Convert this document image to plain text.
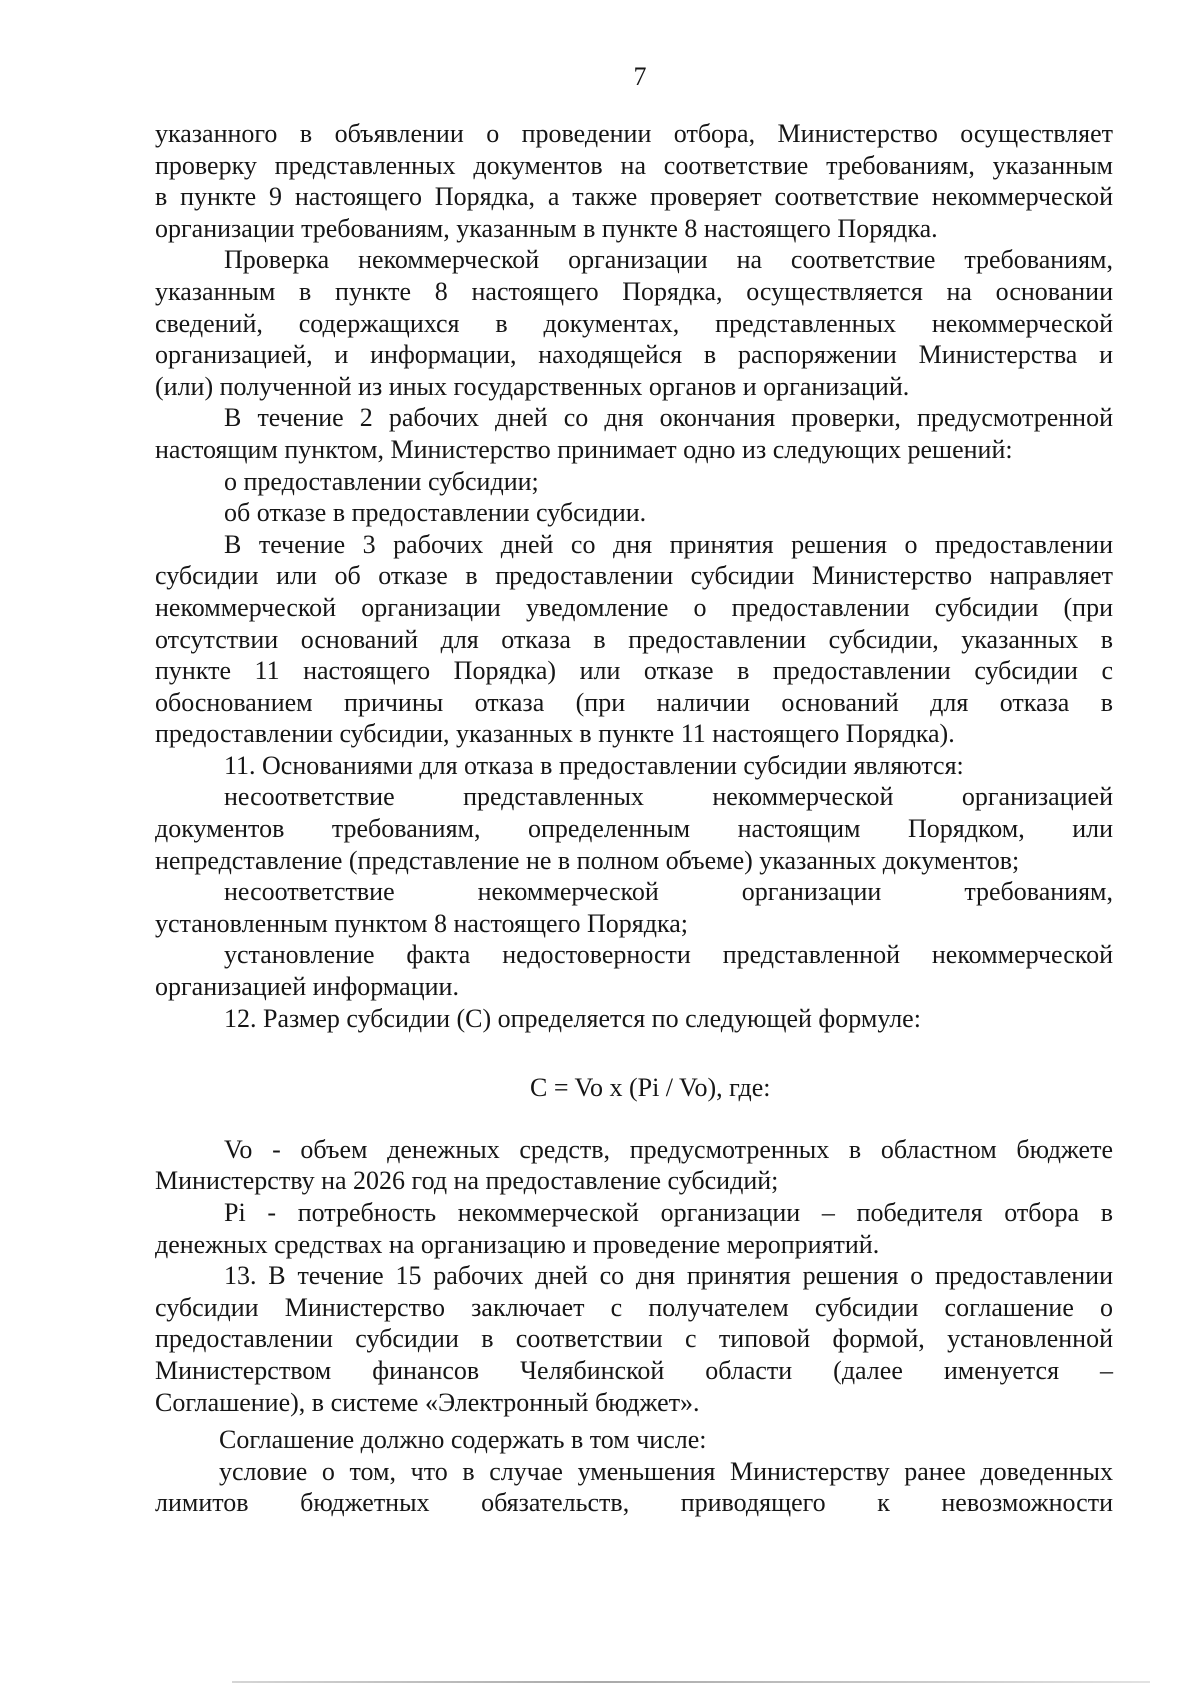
7
указанного в объявлении о проведении отбора, Министерство осуществляет
проверку представленных документов на соответствие требованиям, указанным
в пункте 9 настоящего Порядка, а также проверяет соответствие некоммерческой
организации требованиям, указанным в пункте 8 настоящего Порядка.
Проверка некоммерческой организации на соответствие требованиям,
указанным в пункте 8 настоящего Порядка, осуществляется на основании
сведений, содержащихся в документах, представленных некоммерческой
организацией, и информации, находящейся в распоряжении Министерства и
(или) полученной из иных государственных органов и организаций.
В течение 2 рабочих дней со дня окончания проверки, предусмотренной
настоящим пунктом, Министерство принимает одно из следующих решений:
о предоставлении субсидии;
об отказе в предоставлении субсидии.
В течение 3 рабочих дней со дня принятия решения о предоставлении
субсидии или об отказе в предоставлении субсидии Министерство направляет
некоммерческой организации уведомление о предоставлении субсидии (при
отсутствии оснований для отказа в предоставлении субсидии, указанных в
пункте 11 настоящего Порядка) или отказе в предоставлении субсидии с
обоснованием причины отказа (при наличии оснований для отказа в
предоставлении субсидии, указанных в пункте 11 настоящего Порядка).
11. Основаниями для отказа в предоставлении субсидии являются:
несоответствие представленных некоммерческой организацией
документов требованиям, определенным настоящим Порядком, или
непредставление (представление не в полном объеме) указанных документов;
несоответствие некоммерческой организации требованиям,
установленным пунктом 8 настоящего Порядка;
установление факта недостоверности представленной некоммерческой
организацией информации.
12. Размер субсидии (С) определяется по следующей формуле:
C = Vo x (Pi / Vo), где:
Vo - объем денежных средств, предусмотренных в областном бюджете
Министерству на 2026 год на предоставление субсидий;
Pi - потребность некоммерческой организации – победителя отбора в
денежных средствах на организацию и проведение мероприятий.
13. В течение 15 рабочих дней со дня принятия решения о предоставлении
субсидии Министерство заключает с получателем субсидии соглашение о
предоставлении субсидии в соответствии с типовой формой, установленной
Министерством финансов Челябинской области (далее именуется –
Соглашение), в системе «Электронный бюджет».
Соглашение должно содержать в том числе:
условие о том, что в случае уменьшения Министерству ранее доведенных
лимитов бюджетных обязательств, приводящего к невозможности
